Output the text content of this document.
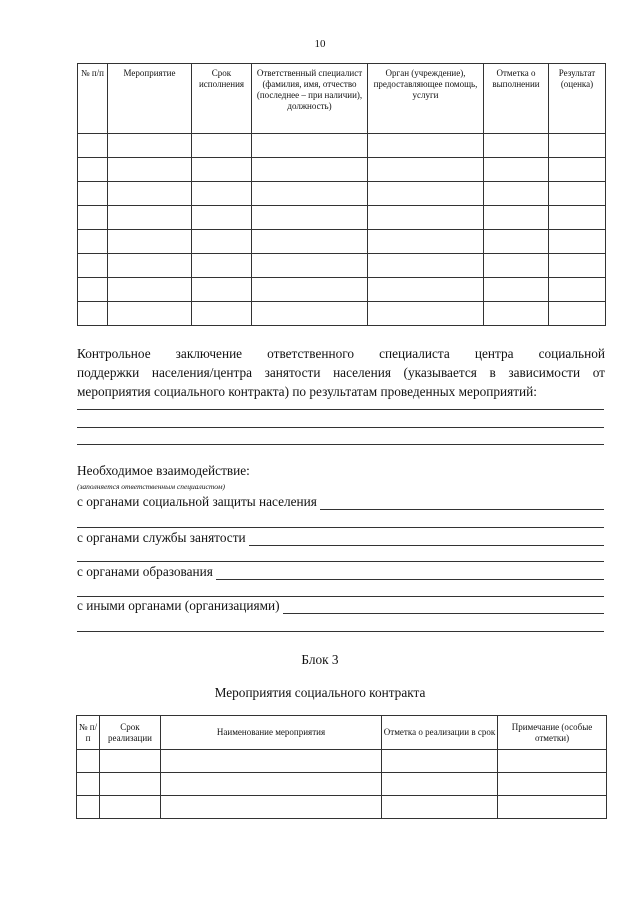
10
№ п/п	Мероприятие	Срок исполнения	Ответственный специалист (фамилия, имя, отчество (последнее – при наличии), должность)	Орган (учреждение), предоставляющее помощь, услуги	Отметка о выполнении	Результат (оценка)

Контрольное заключение ответственного специалиста центра социальной
поддержки населения/центра занятости населения (указывается в зависимости от
мероприятия социального контракта) по результатам проведенных мероприятий:
Необходимое взаимодействие:
(заполняется ответственным специалистом)
с органами социальной защиты населения
с органами службы занятости
с органами образования
с иными органами (организациями)
Блок 3
Мероприятия социального контракта
№ п/п	Срок реализации	Наименование мероприятия	Отметка о реализации в срок	Примечание (особые отметки)
